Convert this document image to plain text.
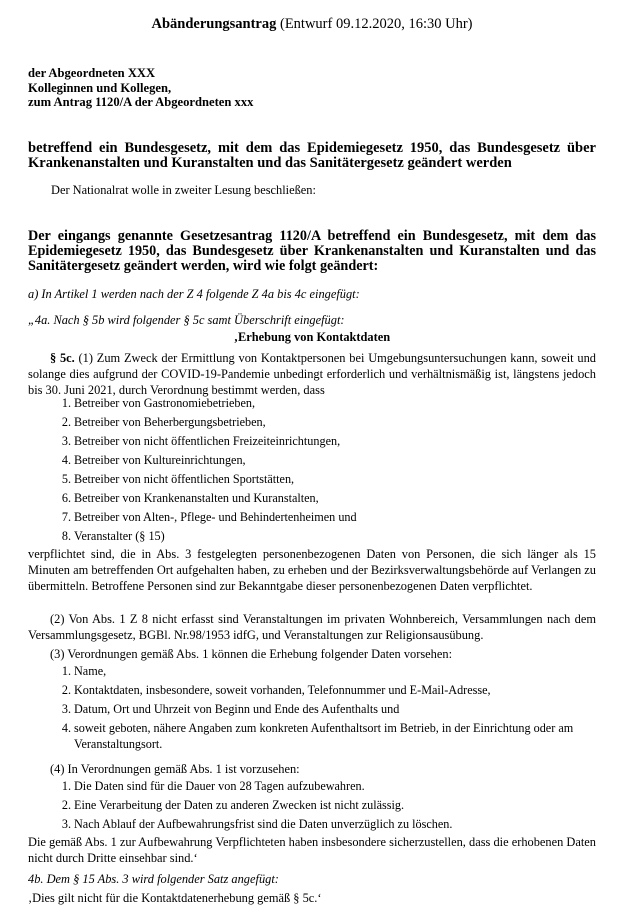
Abänderungsantrag (Entwurf 09.12.2020, 16:30 Uhr)
der Abgeordneten XXX
Kolleginnen und Kollegen,
zum Antrag 1120/A der Abgeordneten xxx
betreffend ein Bundesgesetz, mit dem das Epidemiegesetz 1950, das Bundesgesetz über Krankenanstalten und Kuranstalten und das Sanitätergesetz geändert werden
Der Nationalrat wolle in zweiter Lesung beschließen:
Der eingangs genannte Gesetzesantrag 1120/A betreffend ein Bundesgesetz, mit dem das Epidemiegesetz 1950, das Bundesgesetz über Krankenanstalten und Kuranstalten und das Sanitätergesetz geändert werden, wird wie folgt geändert:
a) In Artikel 1 werden nach der Z 4 folgende Z 4a bis 4c eingefügt:
„4a. Nach § 5b wird folgender § 5c samt Überschrift eingefügt:
‚Erhebung von Kontaktdaten
§ 5c. (1) Zum Zweck der Ermittlung von Kontaktpersonen bei Umgebungsuntersuchungen kann, soweit und solange dies aufgrund der COVID-19-Pandemie unbedingt erforderlich und verhältnismäßig ist, längstens jedoch bis 30. Juni 2021, durch Verordnung bestimmt werden, dass
1. Betreiber von Gastronomiebetrieben,
2. Betreiber von Beherbergungsbetrieben,
3. Betreiber von nicht öffentlichen Freizeiteinrichtungen,
4. Betreiber von Kultureinrichtungen,
5. Betreiber von nicht öffentlichen Sportstätten,
6. Betreiber von Krankenanstalten und Kuranstalten,
7. Betreiber von Alten-, Pflege- und Behindertenheimen und
8. Veranstalter (§ 15)
verpflichtet sind, die in Abs. 3 festgelegten personenbezogenen Daten von Personen, die sich länger als 15 Minuten am betreffenden Ort aufgehalten haben, zu erheben und der Bezirksverwaltungsbehörde auf Verlangen zu übermitteln. Betroffene Personen sind zur Bekanntgabe dieser personenbezogenen Daten verpflichtet.
(2) Von Abs. 1 Z 8 nicht erfasst sind Veranstaltungen im privaten Wohnbereich, Versammlungen nach dem Versammlungsgesetz, BGBl. Nr.98/1953 idfG, und Veranstaltungen zur Religionsausübung.
(3) Verordnungen gemäß Abs. 1 können die Erhebung folgender Daten vorsehen:
1. Name,
2. Kontaktdaten, insbesondere, soweit vorhanden, Telefonnummer und E-Mail-Adresse,
3. Datum, Ort und Uhrzeit von Beginn und Ende des Aufenthalts und
4. soweit geboten, nähere Angaben zum konkreten Aufenthaltsort im Betrieb, in der Einrichtung oder am Veranstaltungsort.
(4) In Verordnungen gemäß Abs. 1 ist vorzusehen:
1. Die Daten sind für die Dauer von 28 Tagen aufzubewahren.
2. Eine Verarbeitung der Daten zu anderen Zwecken ist nicht zulässig.
3. Nach Ablauf der Aufbewahrungsfrist sind die Daten unverzüglich zu löschen.
Die gemäß Abs. 1 zur Aufbewahrung Verpflichteten haben insbesondere sicherzustellen, dass die erhobenen Daten nicht durch Dritte einsehbar sind.‘
4b. Dem § 15 Abs. 3 wird folgender Satz angefügt:
‚Dies gilt nicht für die Kontaktdatenerhebung gemäß § 5c.‘
